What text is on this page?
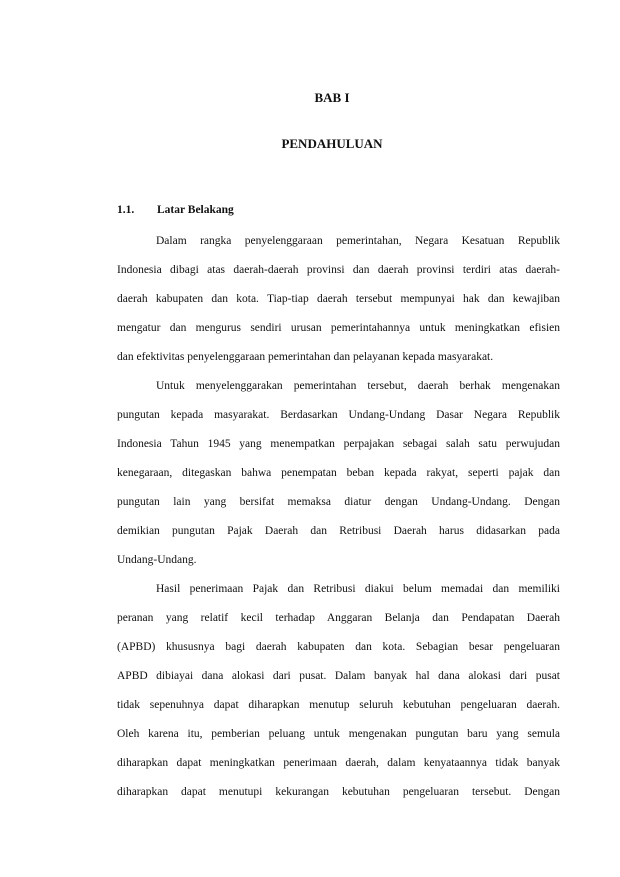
BAB I
PENDAHULUAN
1.1. Latar Belakang
Dalam rangka penyelenggaraan pemerintahan, Negara Kesatuan Republik
Indonesia dibagi atas daerah-daerah provinsi dan daerah provinsi terdiri atas daerah-
daerah kabupaten dan kota. Tiap-tiap daerah tersebut mempunyai hak dan kewajiban
mengatur dan mengurus sendiri urusan pemerintahannya untuk meningkatkan efisien
dan efektivitas penyelenggaraan pemerintahan dan pelayanan kepada masyarakat.
Untuk menyelenggarakan pemerintahan tersebut, daerah berhak mengenakan
pungutan kepada masyarakat. Berdasarkan Undang-Undang Dasar Negara Republik
Indonesia Tahun 1945 yang menempatkan perpajakan sebagai salah satu perwujudan
kenegaraan, ditegaskan bahwa penempatan beban kepada rakyat, seperti pajak dan
pungutan lain yang bersifat memaksa diatur dengan Undang-Undang. Dengan
demikian pungutan Pajak Daerah dan Retribusi Daerah harus didasarkan pada
Undang-Undang.
Hasil penerimaan Pajak dan Retribusi diakui belum memadai dan memiliki
peranan yang relatif kecil terhadap Anggaran Belanja dan Pendapatan Daerah
(APBD) khususnya bagi daerah kabupaten dan kota. Sebagian besar pengeluaran
APBD dibiayai dana alokasi dari pusat. Dalam banyak hal dana alokasi dari pusat
tidak sepenuhnya dapat diharapkan menutup seluruh kebutuhan pengeluaran daerah.
Oleh karena itu, pemberian peluang untuk mengenakan pungutan baru yang semula
diharapkan dapat meningkatkan penerimaan daerah, dalam kenyataannya tidak banyak
diharapkan dapat menutupi kekurangan kebutuhan pengeluaran tersebut. Dengan
